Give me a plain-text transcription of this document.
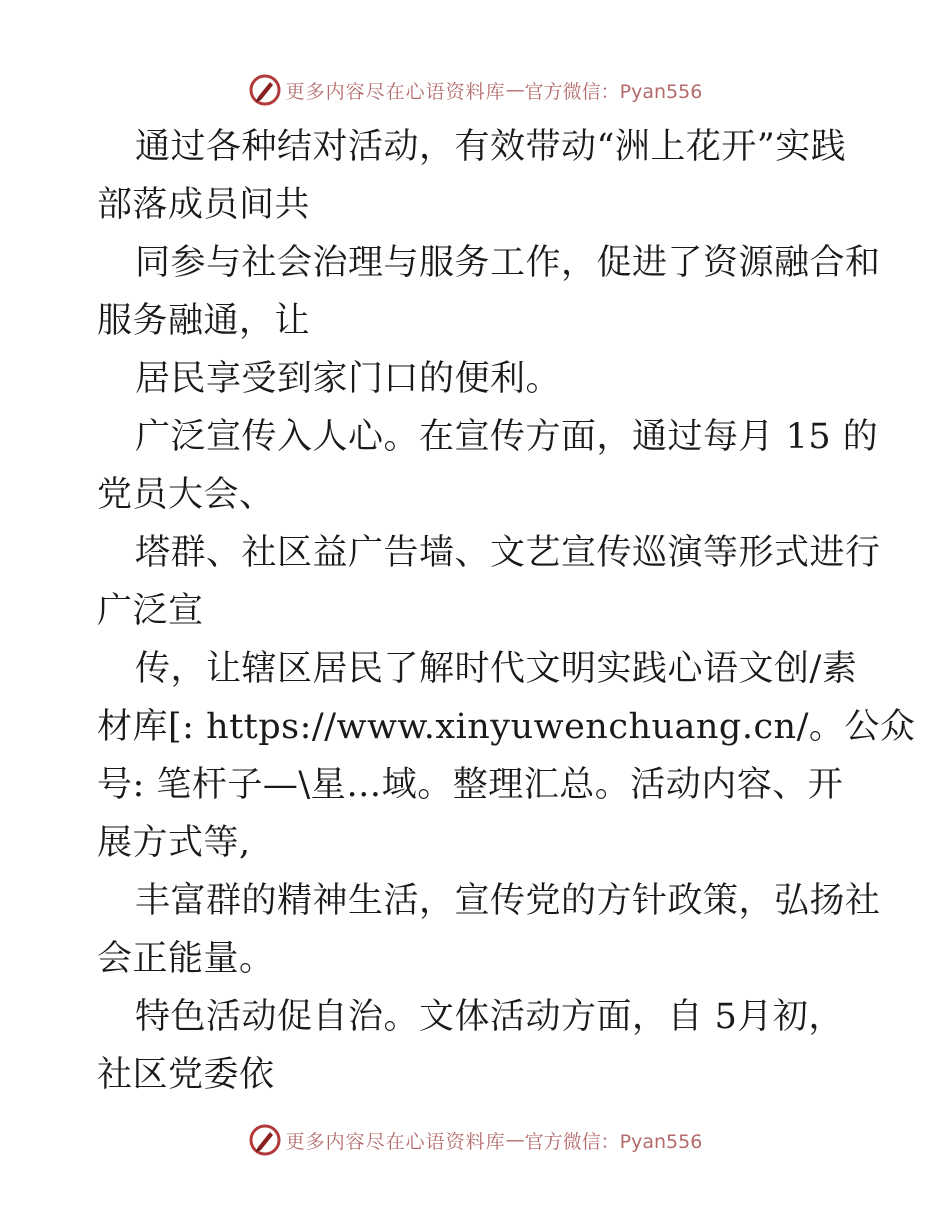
更多内容尽在心语资料库 — 官方微信：Pyan556
通过各种结对活动，有效带动“洲上花开”实践
部落成员间共
同参与社会治理与服务工作，促进了资源融合和
服务融通，让
居民享受到家门口的便利。
广泛宣传入人心。在宣传方面，通过每月 15 的
党员大会、
塔群、社区益广告墙、文艺宣传巡演等形式进行
广泛宣
传，让辖区居民了解时代文明实践心语文创/素
材库[: https://www.xinyuwenchuang.cn/。公众
号: 笔杆子—\星…域。整理汇总。活动内容、开
展方式等,
丰富群的精神生活，宣传党的方针政策，弘扬社
会正能量。
特色活动促自治。文体活动方面，自 5月初，
社区党委依
更多内容尽在心语资料库 — 官方微信：Pyan556
